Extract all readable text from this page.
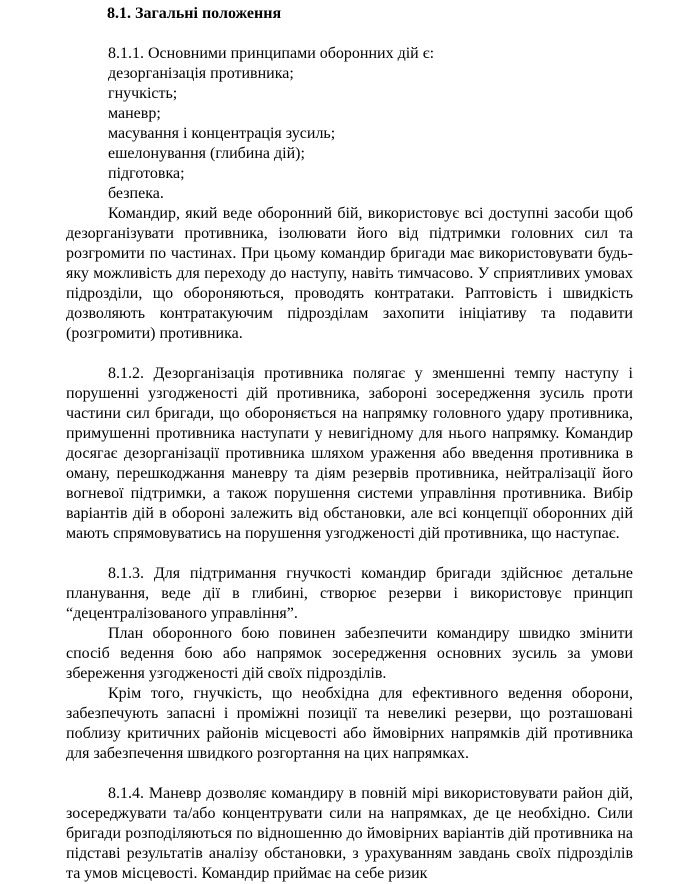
8.1. Загальні положення
8.1.1. Основними принципами оборонних дій є:
дезорганізація противника;
гнучкість;
маневр;
масування і концентрація зусиль;
ешелонування (глибина дій);
підготовка;
безпека.

Командир, який веде оборонний бій, використовує всі доступні засоби щоб дезорганізувати противника, ізолювати його від підтримки головних сил та розгромити по частинах. При цьому командир бригади має використовувати будь-яку можливість для переходу до наступу, навіть тимчасово. У сприятливих умовах підрозділи, що обороняються, проводять контратаки. Раптовість і швидкість дозволяють контратакуючим підрозділам захопити ініціативу та подавити (розгромити) противника.

8.1.2. Дезорганізація противника полягає у зменшенні темпу наступу і порушенні узгодженості дій противника, забороні зосередження зусиль проти частини сил бригади, що обороняється на напрямку головного удару противника, примушенні противника наступати у невигідному для нього напрямку. Командир досягає дезорганізації противника шляхом ураження або введення противника в оману, перешкоджання маневру та діям резервів противника, нейтралізації його вогневої підтримки, а також порушення системи управління противника. Вибір варіантів дій в обороні залежить від обстановки, але всі концепції оборонних дій мають спрямовуватись на порушення узгодженості дій противника, що наступає.

8.1.3. Для підтримання гнучкості командир бригади здійснює детальне планування, веде дії в глибині, створює резерви і використовує принцип “децентралізованого управління”.

План оборонного бою повинен забезпечити командиру швидко змінити спосіб ведення бою або напрямок зосередження основних зусиль за умови збереження узгодженості дій своїх підрозділів.

Крім того, гнучкість, що необхідна для ефективного ведення оборони, забезпечують запасні і проміжні позиції та невеликі резерви, що розташовані поблизу критичних районів місцевості або ймовірних напрямків дій противника для забезпечення швидкого розгортання на цих напрямках.

8.1.4. Маневр дозволяє командиру в повній мірі використовувати район дій, зосереджувати та/або концентрувати сили на напрямках, де це необхідно. Сили бригади розподіляються по відношенню до ймовірних варіантів дій противника на підставі результатів аналізу обстановки, з урахуванням завдань своїх підрозділів та умов місцевості. Командир приймає на себе ризик
